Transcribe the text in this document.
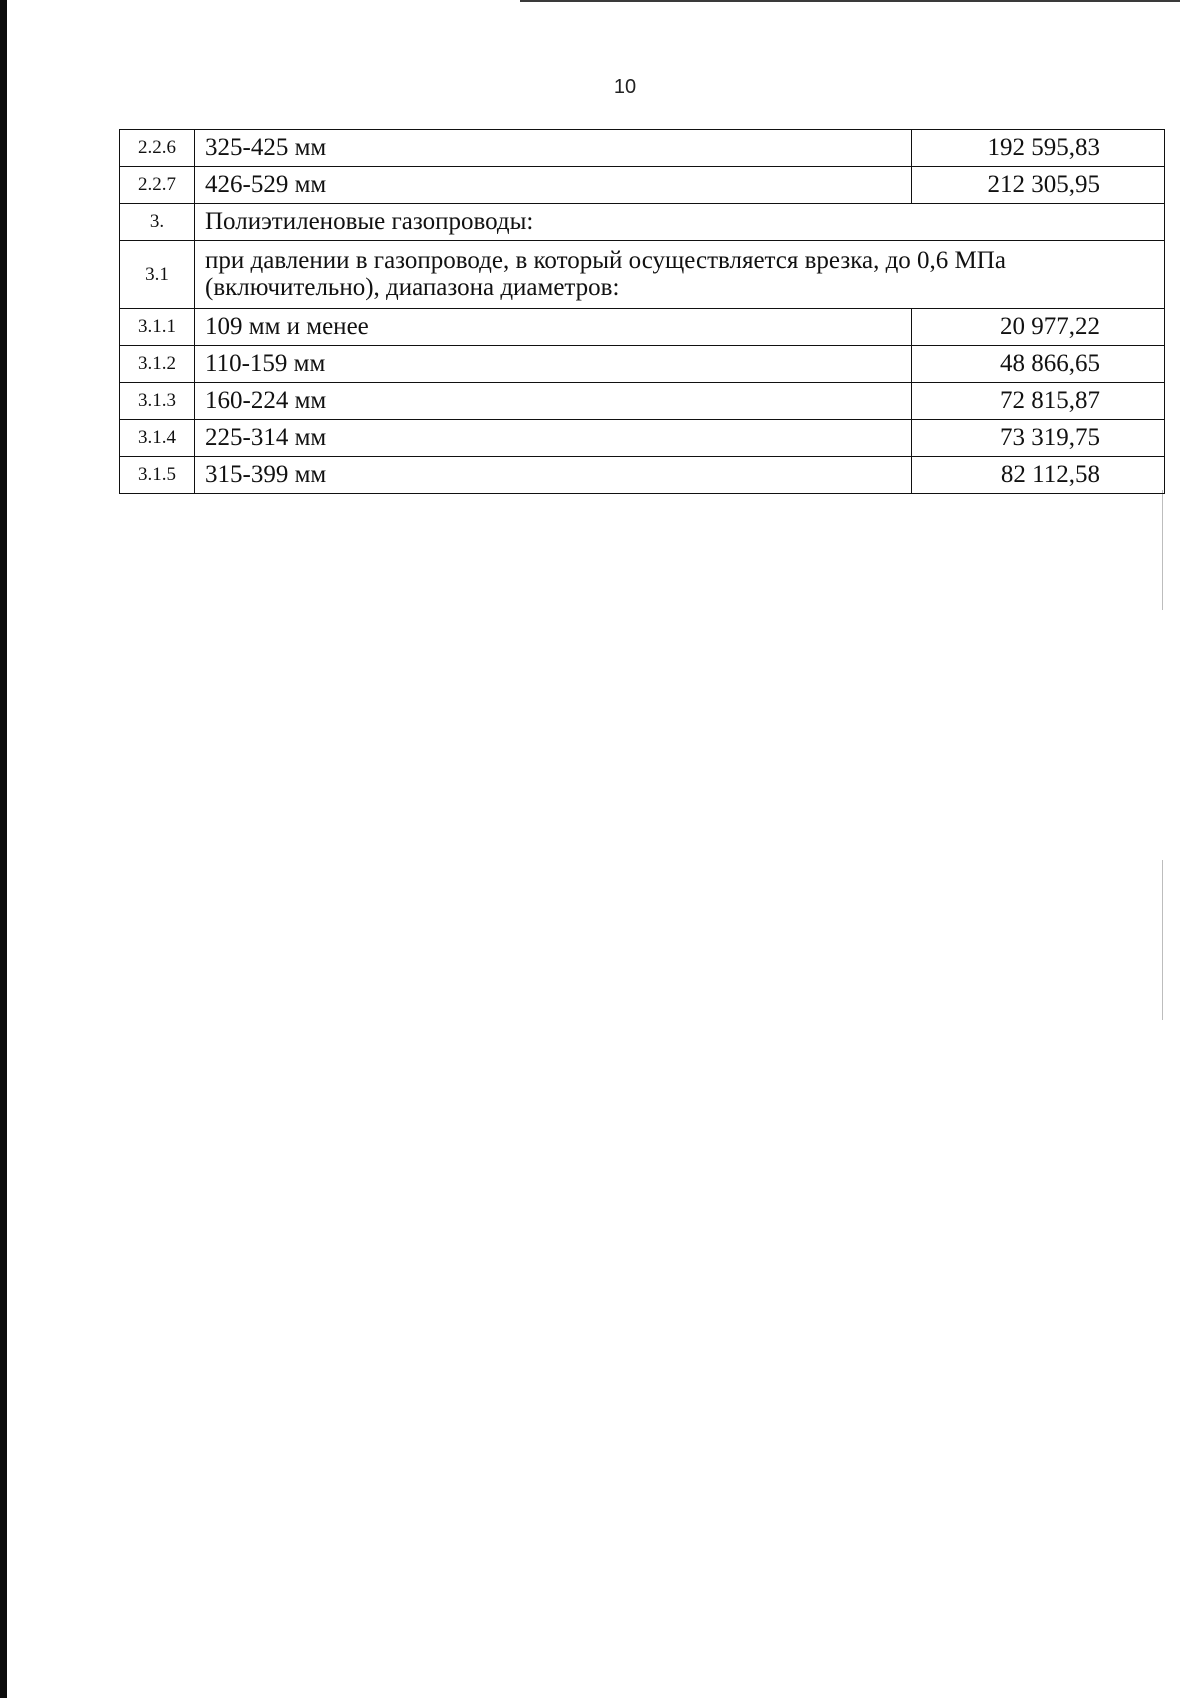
10
2.2.6	325-425 мм	192 595,83
2.2.7	426-529 мм	212 305,95
3.	Полиэтиленовые газопроводы:	
3.1	при давлении в газопроводе, в который осуществляется врезка, до 0,6 МПа (включительно), диапазона диаметров:	
3.1.1	109 мм и менее	20 977,22
3.1.2	110-159 мм	48 866,65
3.1.3	160-224 мм	72 815,87
3.1.4	225-314 мм	73 319,75
3.1.5	315-399 мм	82 112,58
